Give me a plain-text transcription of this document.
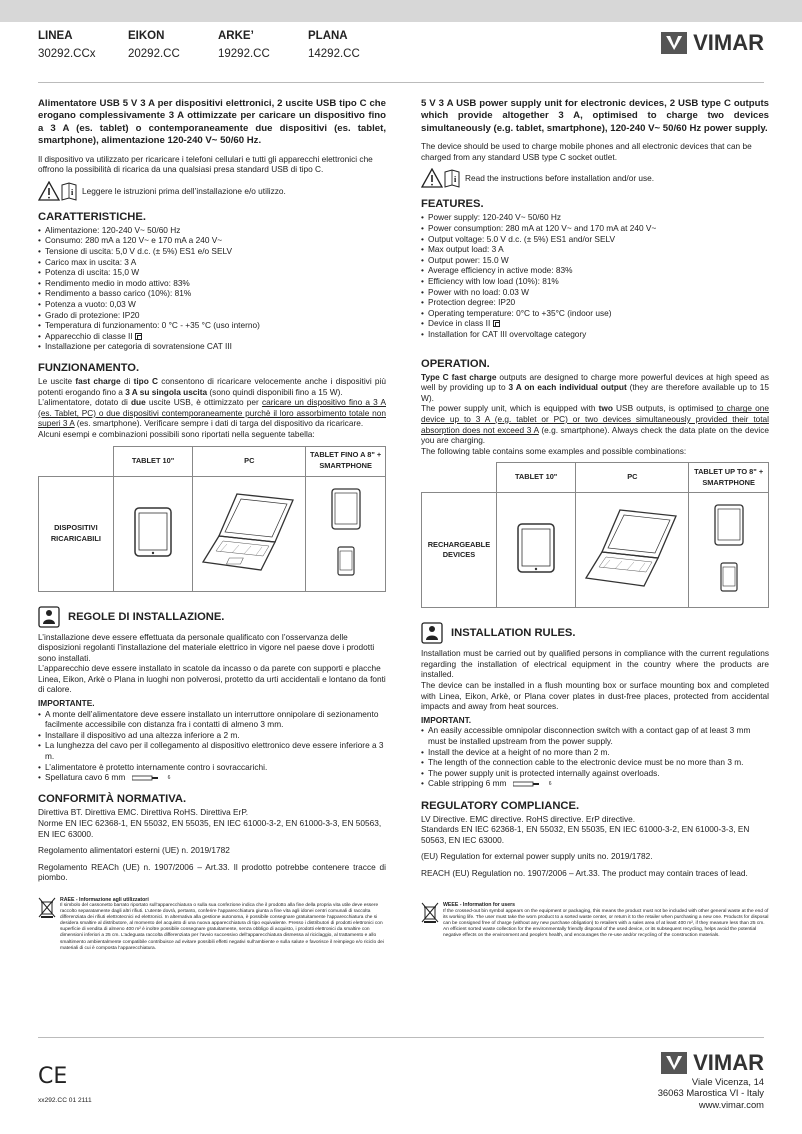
LINEA
30292.CCx
EIKON
20292.CC
ARKE’
19292.CC
PLANA
14292.CC	VIMAR

Alimentatore USB 5 V 3 A per dispositivi elettronici, 2 uscite USB tipo C che erogano complessivamente 3 A ottimizzate per caricare un dispositivo fino a 3 A (es. tablet) o contemporaneamente due dispositivi (es. tablet, smartphone), alimentazione 120-240 V~ 50/60 Hz.

Il dispositivo va utilizzato per ricaricare i telefoni cellulari e tutti gli apparecchi elettronici che offrono la possibilità di ricarica da una qualsiasi presa standard USB di tipo C.

i Leggere le istruzioni prima dell’installazione e/o utilizzo.
CARATTERISTICHE.
• Alimentazione: 120-240 V~ 50/60 Hz
• Consumo: 280 mA a 120 V~ e 170 mA a 240 V~
• Tensione di uscita: 5,0 V d.c. (± 5%) ES1 e/o SELV
• Carico max in uscita: 3 A
• Potenza di uscita: 15,0 W
• Rendimento medio in modo attivo: 83%
• Rendimento a basso carico (10%): 81%
• Potenza a vuoto: 0,03 W
• Grado di protezione: IP20
• Temperatura di funzionamento: 0 °C - +35 °C (uso interno)
• Apparecchio di classe II
• Installazione per categoria di sovratensione CAT III
FUNZIONAMENTO.

Le uscite fast charge di tipo C consentono di ricaricare velocemente anche i dispositivi più potenti erogando fino a 3 A su singola uscita (sono quindi disponibili fino a 15 W).

L’alimentatore, dotato di due uscite USB, è ottimizzato per caricare un dispositivo fino a 3 A (es. Tablet, PC) o due dispositivi contemporaneamente purchè il loro assorbimento totale non superi 3 A (es. smartphone). Verificare sempre i dati di targa del dispositivo da ricaricare.

Alcuni esempi e combinazioni possibili sono riportati nella seguente tabella:

	TABLET 10"	PC	TABLET FINO A 8" + SMARTPHONE
DISPOSITIVI RICARICABILI			
REGOLE DI INSTALLAZIONE.

L’installazione deve essere effettuata da personale qualificato con l’osservanza delle disposizioni regolanti l’installazione del materiale elettrico in vigore nel paese dove i prodotti sono installati.

L’apparecchio deve essere installato in scatole da incasso o da parete con supporti e placche Linea, Eikon, Arkè o Plana in luoghi non polverosi, protetto da urti accidentali e lontano da fonti di calore.

IMPORTANTE.

• A monte dell’alimentatore deve essere installato un interruttore onnipolare di sezionamento facilmente accessibile con distanza fra i contatti di almeno 3 mm.
• Installare il dispositivo ad una altezza inferiore a 2 m.
• La lunghezza del cavo per il collegamento al dispositivo elettronico deve essere inferiore a 3 m.
• L’alimentatore è protetto internamente contro i sovraccarichi.
• Spellatura cavo 6 mm	6
CONFORMITÀ NORMATIVA.

Direttiva BT. Direttiva EMC. Direttiva RoHS. Direttiva ErP.

Norme EN IEC 62368-1, EN 55032, EN 55035, EN IEC 61000-3-2, EN 61000-3-3, EN 50563, EN IEC 63000.

Regolamento alimentatori esterni (UE) n. 2019/1782

Regolamento REACh (UE) n. 1907/2006 – Art.33. Il prodotto potrebbe contenere tracce di piombo.

RAEE - Informazione agli utilizzatori
Il simbolo del cassonetto barrato riportato sull’apparecchiatura o sulla sua confezione indica che il prodotto alla fine della propria vita utile deve essere raccolto separatamente dagli altri rifiuti. L’utente dovrà, pertanto, conferire l’apparecchiatura giunta a fine vita agli idonei centri comunali di raccolta differenziata dei rifiuti elettrotecnici ed elettronici. In alternativa alla gestione autonoma, è possibile consegnare gratuitamente l’apparecchiatura che si desidera smaltire al distributore, al momento del acquisto di una nuova apparecchiatura di tipo equivalente. Presso i distributori di prodotti elettronici con superficie di vendita di almeno 400 m² è inoltre possibile consegnare gratuitamente, senza obbligo di acquisto, i prodotti elettronici da smaltire con dimensioni inferiori a 25 cm. L’adeguata raccolta differenziata per l’avvio successivo dell’apparecchiatura dismessa al riciclaggio, al trattamento e allo smaltimento ambientalmente compatibile contribuisce ad evitare possibili effetti negativi sull’ambiente e sulla salute e favorisce il reimpiego e/o riciclo dei materiali di cui è composta l’apparecchiatura.

5 V 3 A USB power supply unit for electronic devices, 2 USB type C outputs which provide altogether 3 A, optimised to charge two devices simultaneously (e.g. tablet, smartphone), 120-240 V~ 50/60 Hz power supply.

The device should be used to charge mobile phones and all electronic devices that can be charged from any standard USB type C socket outlet.

i Read the instructions before installation and/or use.
FEATURES.
• Power supply: 120-240 V~ 50/60 Hz
• Power consumption: 280 mA at 120 V~ and 170 mA at 240 V~
• Output voltage: 5.0 V d.c. (± 5%) ES1 and/or SELV
• Max output load: 3 A
• Output power: 15.0 W
• Average efficiency in active mode: 83%
• Efficiency with low load (10%): 81%
• Power with no load: 0.03 W
• Protection degree: IP20
• Operating temperature: 0°C to +35°C (indoor use)
• Device in class II
• Installation for CAT III overvoltage category
OPERATION.

Type C fast charge outputs are designed to charge more powerful devices at high speed as well by providing up to 3 A on each individual output (they are therefore available up to 15 W).

The power supply unit, which is equipped with two USB outputs, is optimised to charge one device up to 3 A (e.g. tablet or PC) or two devices simultaneously provided their total absorption does not exceed 3 A (e.g. smartphone). Always check the data plate on the device you are charging.

The following table contains some examples and possible combinations:

	TABLET 10"	PC	TABLET UP TO 8" + SMARTPHONE
RECHARGEABLE DEVICES			
INSTALLATION RULES.

Installation must be carried out by qualified persons in compliance with the current regulations regarding the installation of electrical equipment in the country where the products are installed.

The device can be installed in a flush mounting box or surface mounting box and completed with Linea, Eikon, Arkè, or Plana cover plates in dust-free places, protected from accidental impacts and away from heat sources.

IMPORTANT.

• An easily accessible omnipolar disconnection switch with a contact gap of at least 3 mm must be installed upstream from the power supply.
• Install the device at a height of no more than 2 m.
• The length of the connection cable to the electronic device must be no more than 3 m.
• The power supply unit is protected internally against overloads.
• Cable stripping 6 mm	6
REGULATORY COMPLIANCE.

LV Directive. EMC directive. RoHS directive. ErP directive.

Standards EN IEC 62368-1, EN 55032, EN 55035, EN IEC 61000-3-2, EN 61000-3-3, EN 50563, EN IEC 63000.

(EU) Regulation for external power supply units no. 2019/1782.

REACH (EU) Regulation no. 1907/2006 – Art.33. The product may contain traces of lead.

WEEE - Information for users
If the crossed-out bin symbol appears on the equipment or packaging, this means the product must not be included with other general waste at the end of its working life. The user must take the worn product to a sorted waste center, or return it to the retailer when purchasing a new one. Products for disposal can be consigned free of charge (without any new purchase obligation) to retailers with a sales area of at least 400 m², if they measure less than 25 cm. An efficient sorted waste collection for the environmentally friendly disposal of the used device, or its subsequent recycling, helps avoid the potential negative effects on the environment and people’s health, and encourages the re-use and/or recycling of the construction materials.
CE
xx292.CC 01 2111
VIMAR
Viale Vicenza, 14
36063 Marostica VI - Italy
www.vimar.com
